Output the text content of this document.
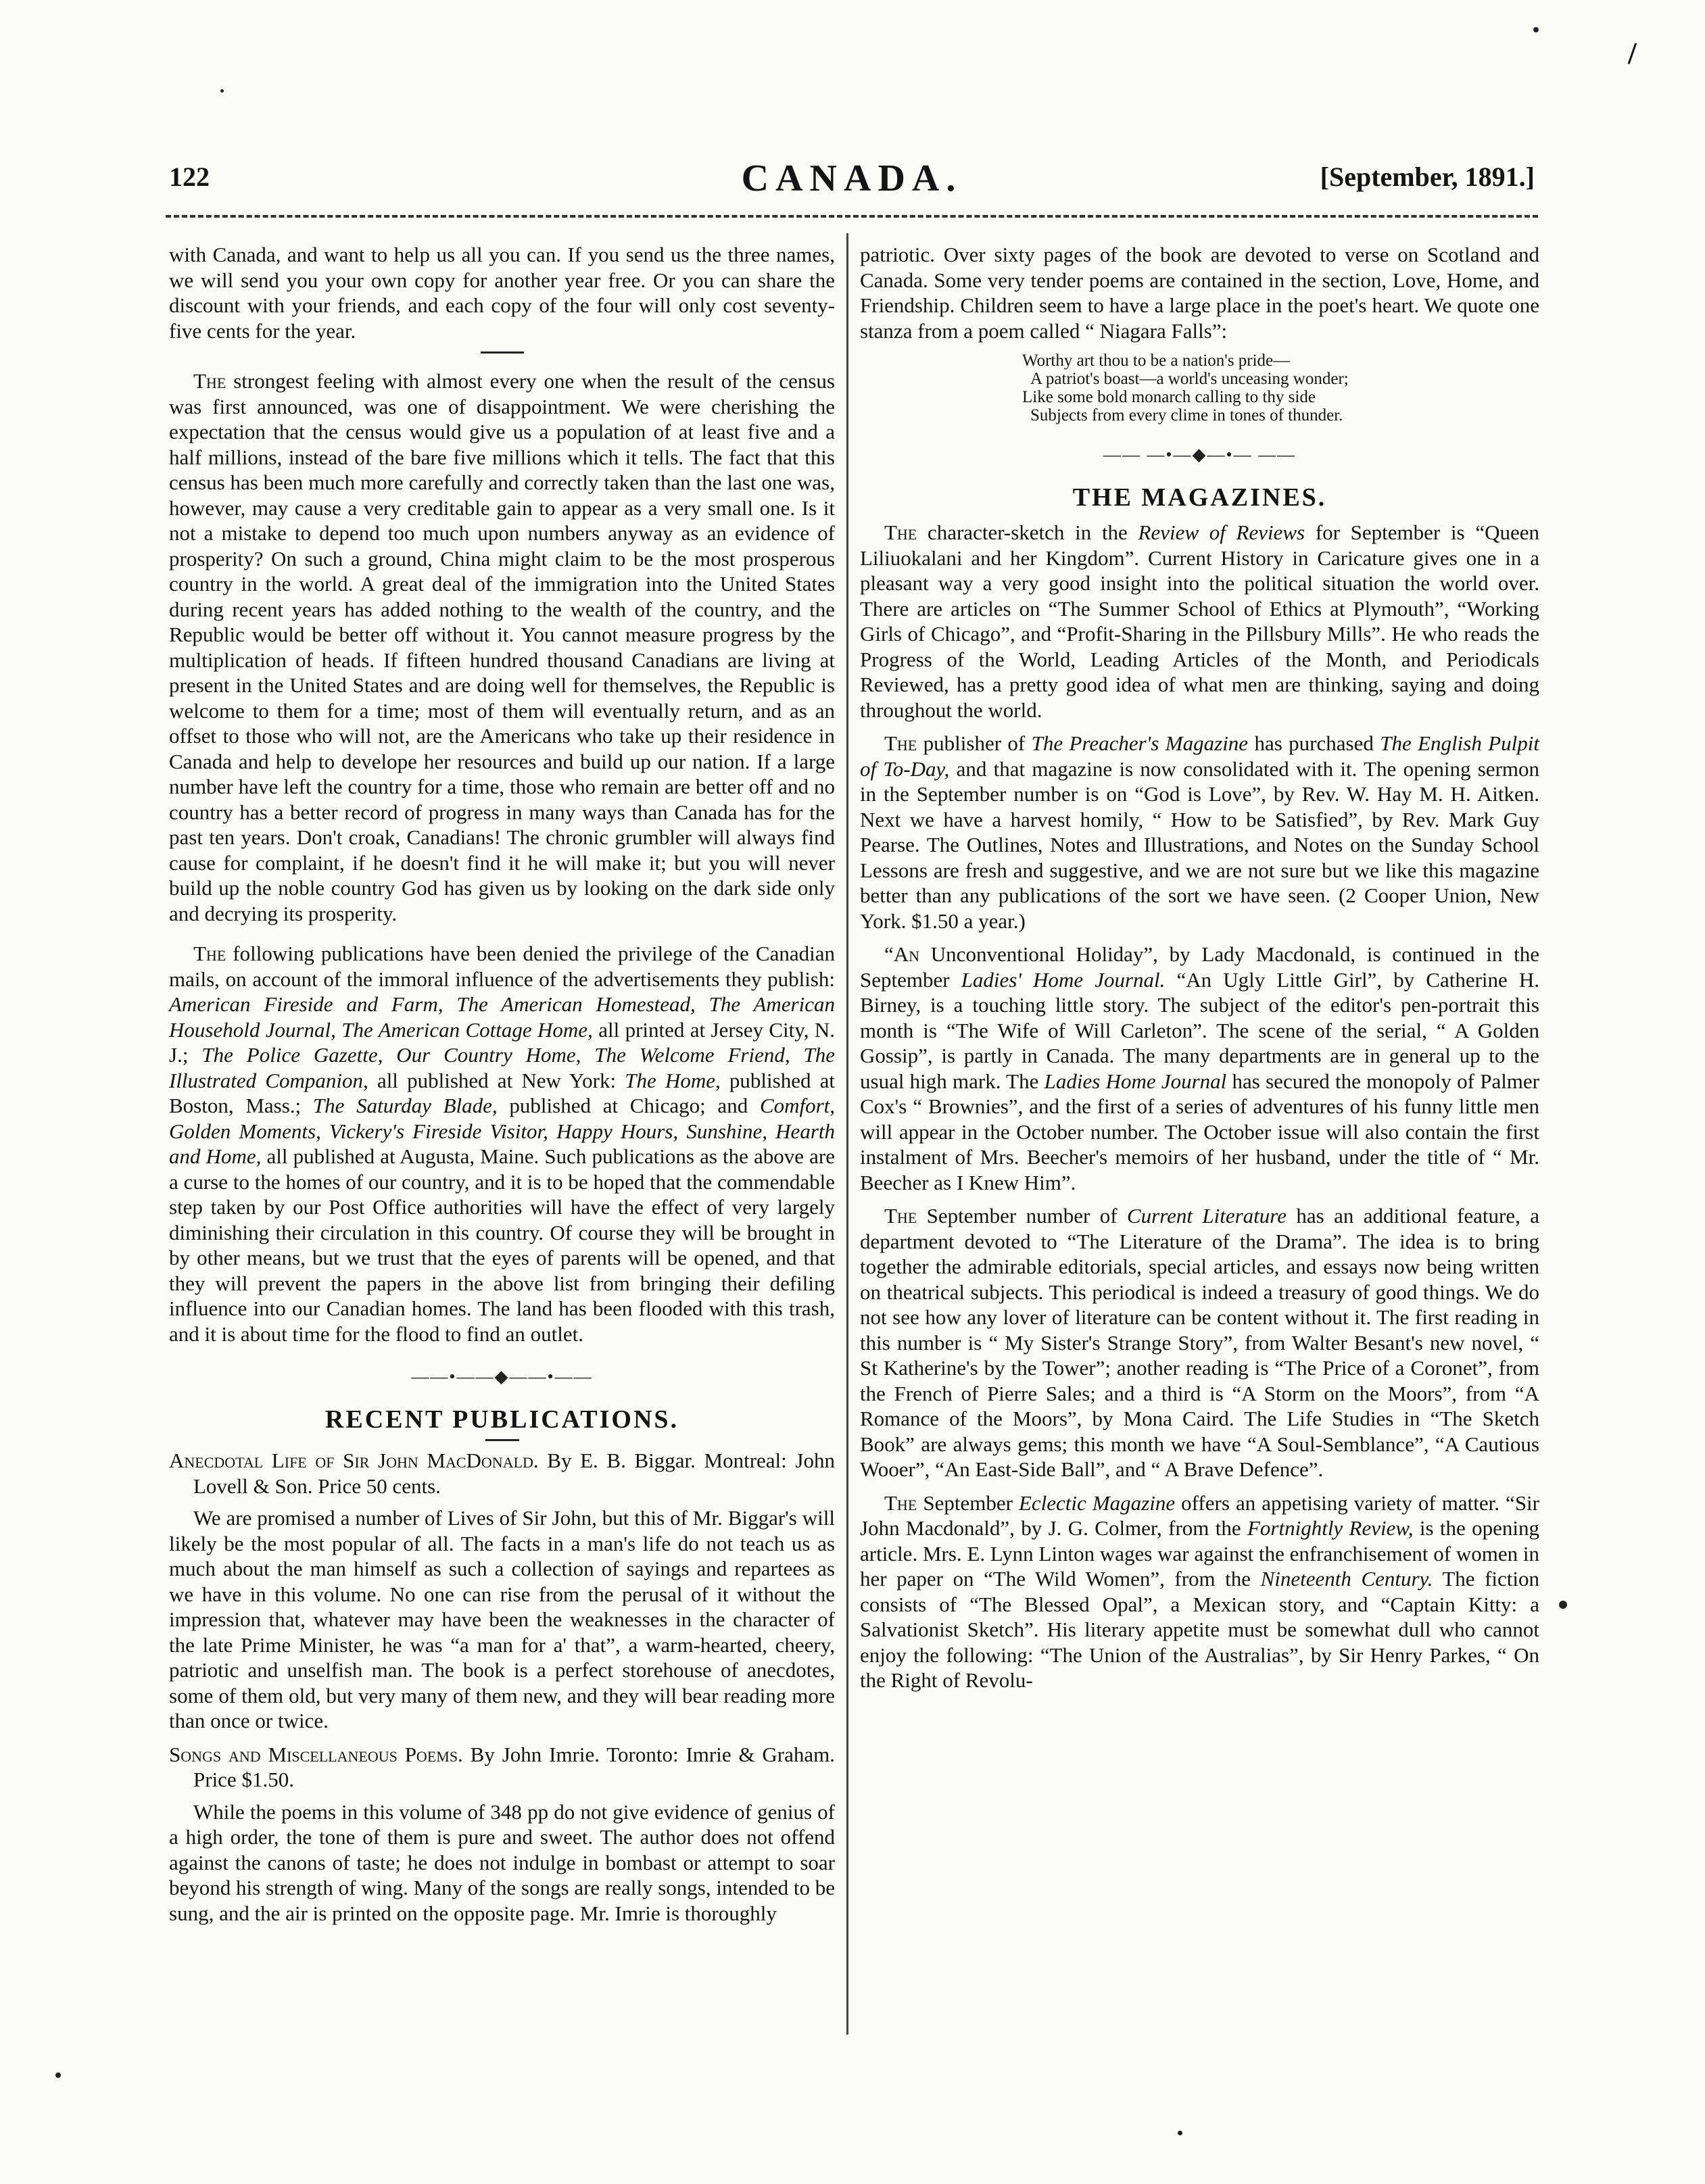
122	CANADA.	[September, 1891.]

with Canada, and want to help us all you can. If you send us the three names, we will send you your own copy for another year free. Or you can share the discount with your friends, and each copy of the four will only cost seventy-five cents for the year.

The strongest feeling with almost every one when the result of the census was first announced, was one of disappointment. We were cherishing the expectation that the census would give us a population of at least five and a half millions, instead of the bare five millions which it tells. The fact that this census has been much more carefully and correctly taken than the last one was, however, may cause a very creditable gain to appear as a very small one. Is it not a mistake to depend too much upon numbers anyway as an evidence of prosperity? On such a ground, China might claim to be the most prosperous country in the world. A great deal of the immigration into the United States during recent years has added nothing to the wealth of the country, and the Republic would be better off without it. You cannot measure progress by the multiplication of heads. If fifteen hundred thousand Canadians are living at present in the United States and are doing well for themselves, the Republic is welcome to them for a time; most of them will eventually return, and as an offset to those who will not, are the Americans who take up their residence in Canada and help to develope her resources and build up our nation. If a large number have left the country for a time, those who remain are better off and no country has a better record of progress in many ways than Canada has for the past ten years. Don't croak, Canadians! The chronic grumbler will always find cause for complaint, if he doesn't find it he will make it; but you will never build up the noble country God has given us by looking on the dark side only and decrying its prosperity.

The following publications have been denied the privilege of the Canadian mails, on account of the immoral influence of the advertisements they publish: American Fireside and Farm, The American Homestead, The American Household Journal, The American Cottage Home, all printed at Jersey City, N. J.; The Police Gazette, Our Country Home, The Welcome Friend, The Illustrated Companion, all published at New York: The Home, published at Boston, Mass.; The Saturday Blade, published at Chicago; and Comfort, Golden Moments, Vickery's Fireside Visitor, Happy Hours, Sunshine, Hearth and Home, all published at Augusta, Maine. Such publications as the above are a curse to the homes of our country, and it is to be hoped that the commendable step taken by our Post Office authorities will have the effect of very largely diminishing their circulation in this country. Of course they will be brought in by other means, but we trust that the eyes of parents will be opened, and that they will prevent the papers in the above list from bringing their defiling influence into our Canadian homes. The land has been flooded with this trash, and it is about time for the flood to find an outlet.

——•——◆——•——
RECENT PUBLICATIONS.

Anecdotal Life of Sir John MacDonald. By E. B. Biggar. Montreal: John Lovell & Son. Price 50 cents.

We are promised a number of Lives of Sir John, but this of Mr. Biggar's will likely be the most popular of all. The facts in a man's life do not teach us as much about the man himself as such a collection of sayings and repartees as we have in this volume. No one can rise from the perusal of it without the impression that, whatever may have been the weaknesses in the character of the late Prime Minister, he was “a man for a' that”, a warm-hearted, cheery, patriotic and unselfish man. The book is a perfect storehouse of anecdotes, some of them old, but very many of them new, and they will bear reading more than once or twice.

Songs and Miscellaneous Poems. By John Imrie. Toronto: Imrie & Graham. Price $1.50.

While the poems in this volume of 348 pp do not give evidence of genius of a high order, the tone of them is pure and sweet. The author does not offend against the canons of taste; he does not indulge in bombast or attempt to soar beyond his strength of wing. Many of the songs are really songs, intended to be sung, and the air is printed on the opposite page. Mr. Imrie is thoroughly

patriotic. Over sixty pages of the book are devoted to verse on Scotland and Canada. Some very tender poems are contained in the section, Love, Home, and Friendship. Children seem to have a large place in the poet's heart. We quote one stanza from a poem called “ Niagara Falls”:

Worthy art thou to be a nation's pride—
A patriot's boast—a world's unceasing wonder;
Like some bold monarch calling to thy side
Subjects from every clime in tones of thunder.
—— —•—◆—•— ——
THE MAGAZINES.

The character-sketch in the Review of Reviews for September is “Queen Liliuokalani and her Kingdom”. Current History in Caricature gives one in a pleasant way a very good insight into the political situation the world over. There are articles on “The Summer School of Ethics at Plymouth”, “Working Girls of Chicago”, and “Profit-Sharing in the Pillsbury Mills”. He who reads the Progress of the World, Leading Articles of the Month, and Periodicals Reviewed, has a pretty good idea of what men are thinking, saying and doing throughout the world.

The publisher of The Preacher's Magazine has purchased The English Pulpit of To-Day, and that magazine is now consolidated with it. The opening sermon in the September number is on “God is Love”, by Rev. W. Hay M. H. Aitken. Next we have a harvest homily, “ How to be Satisfied”, by Rev. Mark Guy Pearse. The Outlines, Notes and Illustrations, and Notes on the Sunday School Lessons are fresh and suggestive, and we are not sure but we like this magazine better than any publications of the sort we have seen. (2 Cooper Union, New York. $1.50 a year.)

“An Unconventional Holiday”, by Lady Macdonald, is continued in the September Ladies' Home Journal. “An Ugly Little Girl”, by Catherine H. Birney, is a touching little story. The subject of the editor's pen-portrait this month is “The Wife of Will Carleton”. The scene of the serial, “ A Golden Gossip”, is partly in Canada. The many departments are in general up to the usual high mark. The Ladies Home Journal has secured the monopoly of Palmer Cox's “ Brownies”, and the first of a series of adventures of his funny little men will appear in the October number. The October issue will also contain the first instalment of Mrs. Beecher's memoirs of her husband, under the title of “ Mr. Beecher as I Knew Him”.

The September number of Current Literature has an additional feature, a department devoted to “The Literature of the Drama”. The idea is to bring together the admirable editorials, special articles, and essays now being written on theatrical subjects. This periodical is indeed a treasury of good things. We do not see how any lover of literature can be content without it. The first reading in this number is “ My Sister's Strange Story”, from Walter Besant's new novel, “ St Katherine's by the Tower”; another reading is “The Price of a Coronet”, from the French of Pierre Sales; and a third is “A Storm on the Moors”, from “A Romance of the Moors”, by Mona Caird. The Life Studies in “The Sketch Book” are always gems; this month we have “A Soul-Semblance”, “A Cautious Wooer”, “An East-Side Ball”, and “ A Brave Defence”.

The September Eclectic Magazine offers an appetising variety of matter. “Sir John Macdonald”, by J. G. Colmer, from the Fortnightly Review, is the opening article. Mrs. E. Lynn Linton wages war against the enfranchisement of women in her paper on “The Wild Women”, from the Nineteenth Century. The fiction consists of “The Blessed Opal”, a Mexican story, and “Captain Kitty: a Salvationist Sketch”. His literary appetite must be somewhat dull who cannot enjoy the following: “The Union of the Australias”, by Sir Henry Parkes, “ On the Right of Revolu-

/
